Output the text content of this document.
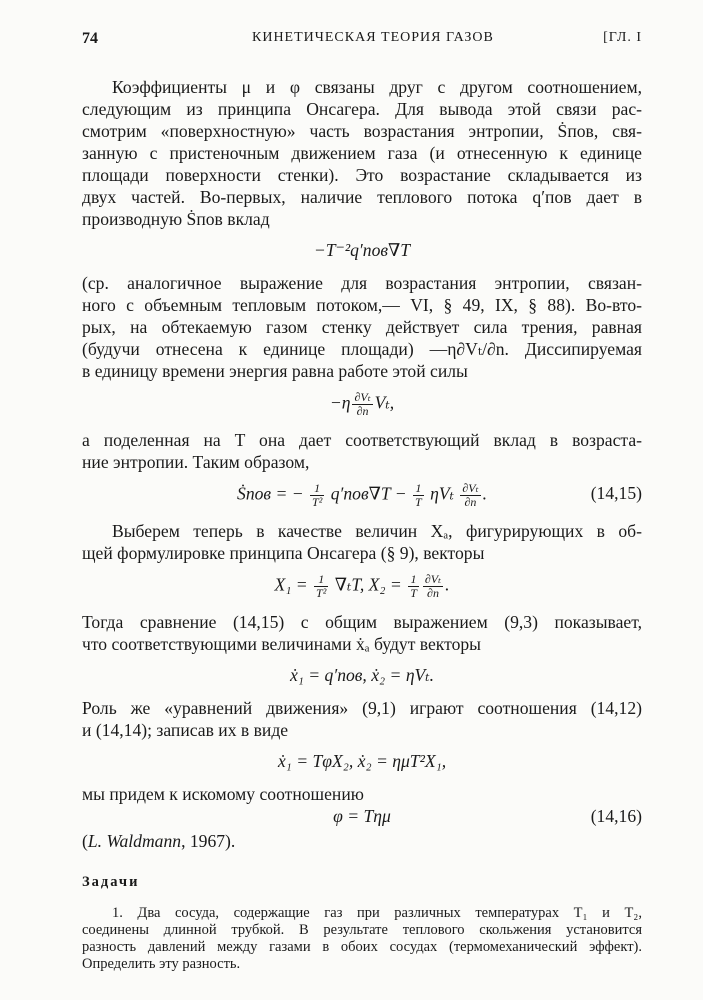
74	КИНЕТИЧЕСКАЯ ТЕОРИЯ ГАЗОВ	[ГЛ. I
Коэффициенты μ и φ связаны друг с другом соотношением,
следующим из принципа Онсагера. Для вывода этой связи рас-
смотрим «поверхностную» часть возрастания энтропии, Ṡпов, свя-
занную с пристеночным движением газа (и отнесенную к единице
площади поверхности стенки). Это возрастание складывается из
двух частей. Во-первых, наличие теплового потока q′пов дает в
производную Ṡпов вклад
−T⁻²q′пов∇T
(ср. аналогичное выражение для возрастания энтропии, связан-
ного с объемным тепловым потоком,— VI, § 49, IX, § 88). Во-вто-
рых, на обтекаемую газом стенку действует сила трения, равная
(будучи отнесена к единице площади) —η∂Vₜ/∂n. Диссипируемая
в единицу времени энергия равна работе этой силы
$-\eta \frac{\text{∂Vₜ}}{\partial n} V_t$,
а поделенная на T она дает соответствующий вклад в возраста-
ние энтропии. Таким образом,
Ṡпов = − $\frac{1}{\text{T²}} q'пов\nabla T - \frac{1}{T}$ ηVₜ $\frac{\text{∂Vₜ}}{\partial n}$ .	(14,15)
Выберем теперь в качестве величин Xₐ, фигурирующих в об-
щей формулировке принципа Онсагера (§ 9), векторы
$X_1 = \frac{1}{\text{T²}} \nabla_tT$, $X_2 = \frac{1}{T} \frac{\text{∂Vₜ}}{\partial n}$ .
Тогда сравнение (14,15) с общим выражением (9,3) показывает,
что соответствующими величинами ẋₐ будут векторы
ẋ₁ = q′пов, ẋ₂ = ηVₜ.
Роль же «уравнений движения» (9,1) играют соотношения (14,12)
и (14,14); записав их в виде
ẋ₁ = TφX₂, ẋ₂ = ημT²X₁,
мы придем к искомому соотношению
φ = Tημ	(14,16)
(L. Waldmann, 1967).
Задачи
1. Два сосуда, содержащие газ при различных температурах T₁ и T₂,
соединены длинной трубкой. В результате теплового скольжения установится
разность давлений между газами в обоих сосудах (термомеханический эффект).
Определить эту разность.
